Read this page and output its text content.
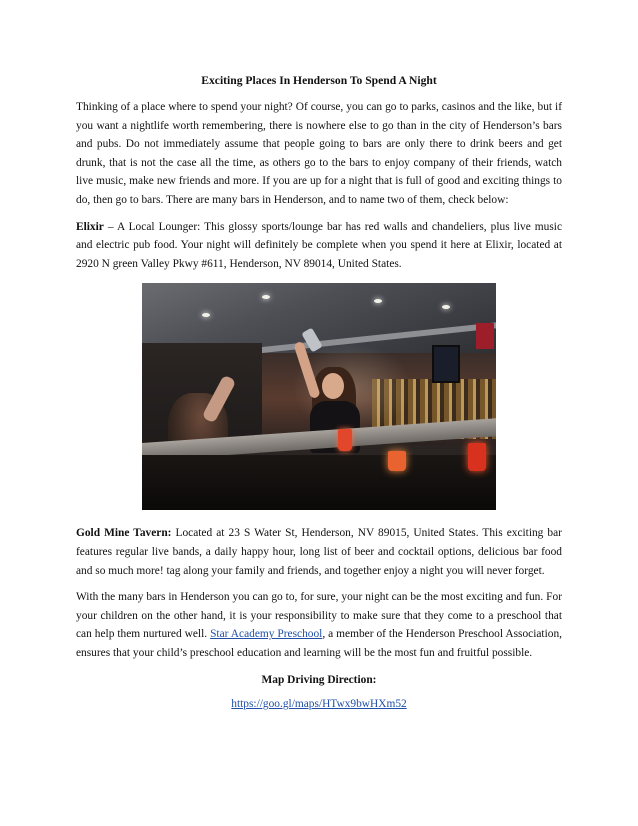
Exciting Places In Henderson To Spend A Night

Thinking of a place where to spend your night? Of course, you can go to parks, casinos and the like, but if you want a nightlife worth remembering, there is nowhere else to go than in the city of Henderson’s bars and pubs. Do not immediately assume that people going to bars are only there to drink beers and get drunk, that is not the case all the time, as others go to the bars to enjoy company of their friends, watch live music, make new friends and more. If you are up for a night that is full of good and exciting things to do, then go to bars. There are many bars in Henderson, and to name two of them, check below:

Elixir – A Local Lounger: This glossy sports/lounge bar has red walls and chandeliers, plus live music and electric pub food. Your night will definitely be complete when you spend it here at Elixir, located at 2920 N green Valley Pkwy #611, Henderson, NV 89014, United States.

Gold Mine Tavern: Located at 23 S Water St, Henderson, NV 89015, United States. This exciting bar features regular live bands, a daily happy hour, long list of beer and cocktail options, delicious bar food and so much more! tag along your family and friends, and together enjoy a night you will never forget.

With the many bars in Henderson you can go to, for sure, your night can be the most exciting and fun. For your children on the other hand, it is your responsibility to make sure that they come to a preschool that can help them nurtured well. Star Academy Preschool, a member of the Henderson Preschool Association, ensures that your child’s preschool education and learning will be the most fun and fruitful possible.

Map Driving Direction:
https://goo.gl/maps/HTwx9bwHXm52
